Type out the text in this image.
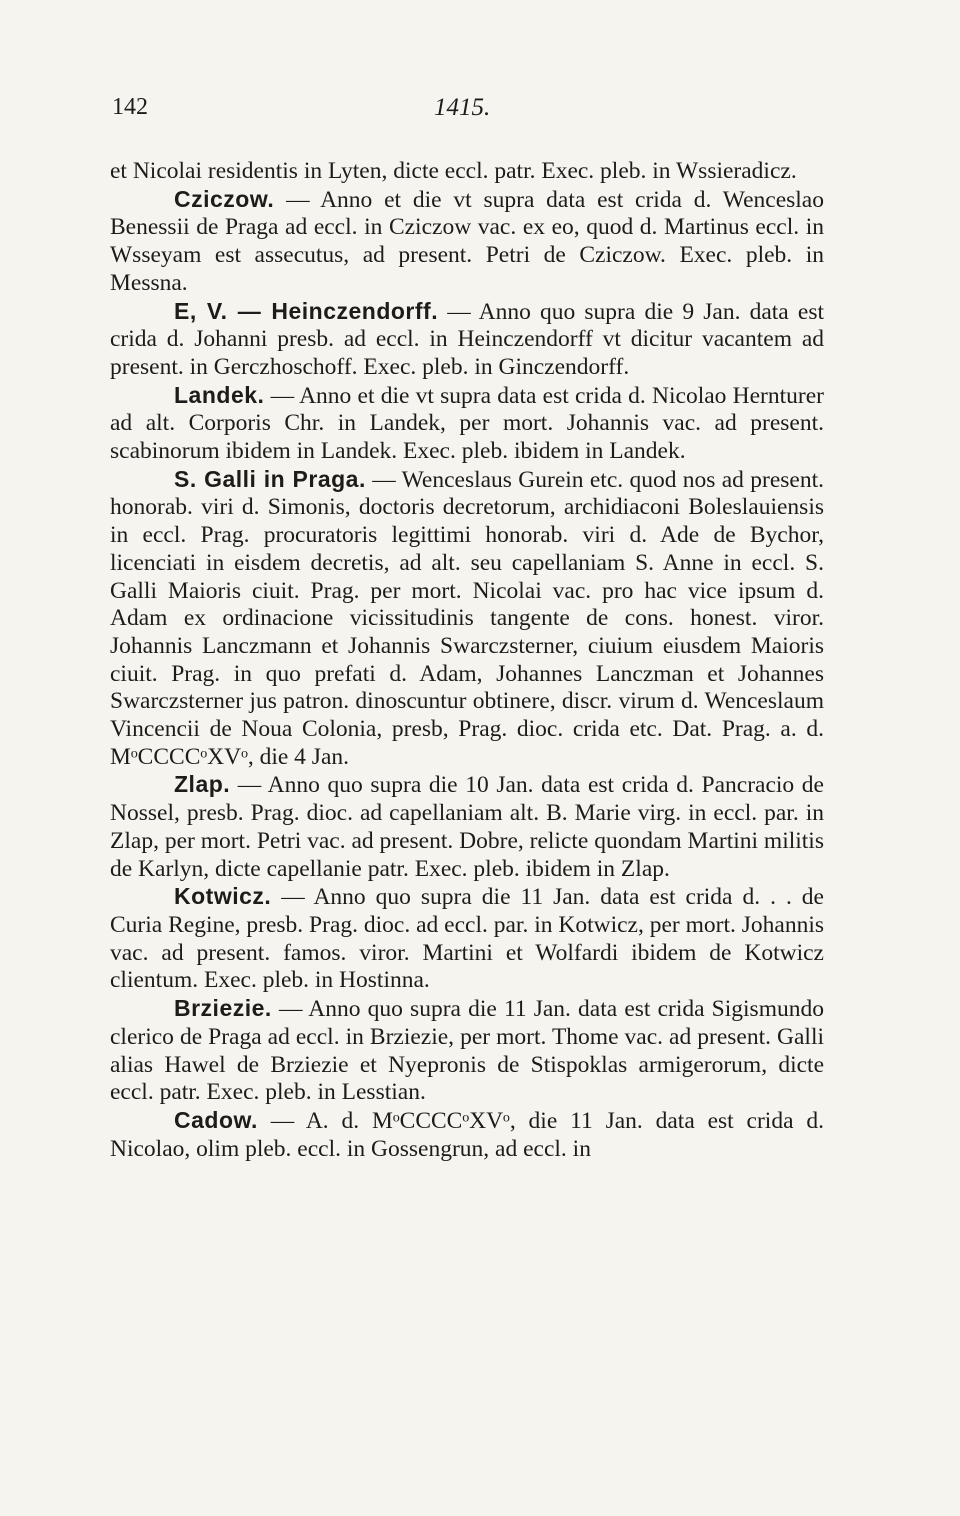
142	1415.

et Nicolai residentis in Lyten, dicte eccl. patr. Exec. pleb. in Wssieradicz.

Cziczow. — Anno et die vt supra data est crida d. Wenceslao Benessii de Praga ad eccl. in Cziczow vac. ex eo, quod d. Martinus eccl. in Wsseyam est assecutus, ad present. Petri de Cziczow. Exec. pleb. in Messna.

E, V. — Heinczendorff. — Anno quo supra die 9 Jan. data est crida d. Johanni presb. ad eccl. in Heinczendorff vt dicitur vacantem ad present. in Gerczhoschoff. Exec. pleb. in Ginczendorff.

Landek. — Anno et die vt supra data est crida d. Nicolao Hernturer ad alt. Corporis Chr. in Landek, per mort. Johannis vac. ad present. scabinorum ibidem in Landek. Exec. pleb. ibidem in Landek.

S. Galli in Praga. — Wenceslaus Gurein etc. quod nos ad present. honorab. viri d. Simonis, doctoris decretorum, archidiaconi Boleslauiensis in eccl. Prag. procuratoris legittimi honorab. viri d. Ade de Bychor, licenciati in eisdem decretis, ad alt. seu capellaniam S. Anne in eccl. S. Galli Maioris ciuit. Prag. per mort. Nicolai vac. pro hac vice ipsum d. Adam ex ordinacione vicissitudinis tangente de cons. honest. viror. Johannis Lanczmann et Johannis Swarczsterner, ciuium eiusdem Maioris ciuit. Prag. in quo prefati d. Adam, Johannes Lanczman et Johannes Swarczsterner jus patron. dinoscuntur obtinere, discr. virum d. Wenceslaum Vincencii de Noua Colonia, presb, Prag. dioc. crida etc. Dat. Prag. a. d. MᵒCCCCᵒXVᵒ, die 4 Jan.

Zlap. — Anno quo supra die 10 Jan. data est crida d. Pancracio de Nossel, presb. Prag. dioc. ad capellaniam alt. B. Marie virg. in eccl. par. in Zlap, per mort. Petri vac. ad present. Dobre, relicte quondam Martini militis de Karlyn, dicte capellanie patr. Exec. pleb. ibidem in Zlap.

Kotwicz. — Anno quo supra die 11 Jan. data est crida d. . . de Curia Regine, presb. Prag. dioc. ad eccl. par. in Kotwicz, per mort. Johannis vac. ad present. famos. viror. Martini et Wolfardi ibidem de Kotwicz clientum. Exec. pleb. in Hostinna.

Brziezie. — Anno quo supra die 11 Jan. data est crida Sigismundo clerico de Praga ad eccl. in Brziezie, per mort. Thome vac. ad present. Galli alias Hawel de Brziezie et Nyepronis de Stispoklas armigerorum, dicte eccl. patr. Exec. pleb. in Lesstian.

Cadow. — A. d. MᵒCCCCᵒXVᵒ, die 11 Jan. data est crida d. Nicolao, olim pleb. eccl. in Gossengrun, ad eccl. in
